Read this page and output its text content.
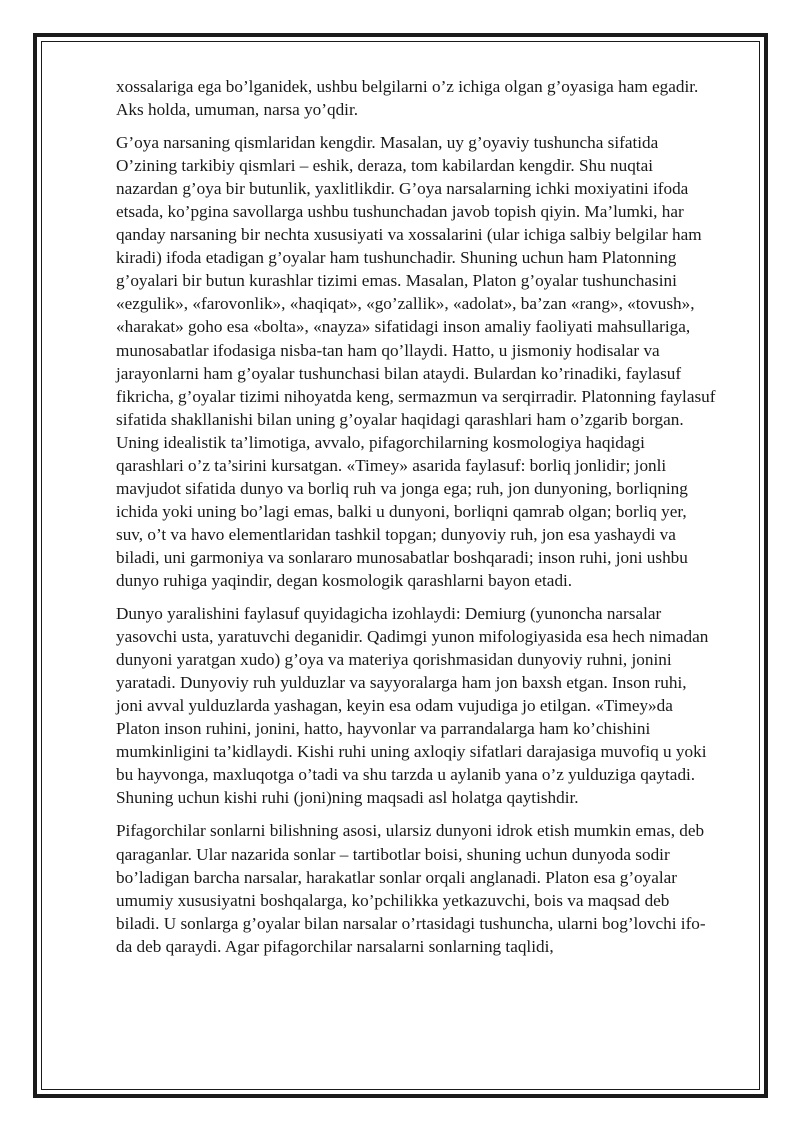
xossalariga ega bo’lganidek, ushbu belgilarni o’z ichiga olgan g’oyasiga ham egadir. Aks holda, umuman, narsa yo’qdir.

G’oya narsaning qismlaridan kengdir. Masalan, uy g’oyaviy tushuncha sifatida O’zining tarkibiy qismlari – eshik, deraza, tom kabilardan kengdir. Shu nuqtai nazardan g’oya bir butunlik, yaxlitlikdir. G’oya narsalarning ichki moxiyatini ifoda etsada, ko’pgina savollarga ushbu tushunchadan javob topish qiyin. Ma’lumki, har qanday narsaning bir nechta xususiyati va xossalarini (ular ichiga salbiy belgilar ham kiradi) ifoda etadigan g’oyalar ham tushunchadir. Shuning uchun ham Platonning g’oyalari bir butun kurashlar tizimi emas. Masalan, Platon g’oyalar tushunchasini «ezgulik», «farovonlik», «haqiqat», «go’zallik», «adolat», ba’zan «rang», «tovush», «harakat» goho esa «bolta», «nayza» sifatidagi inson amaliy faoliyati mahsullariga, munosabatlar ifodasiga nisba-tan ham qo’llaydi. Hatto, u jismoniy hodisalar va jarayonlarni ham g’oyalar tushunchasi bilan ataydi. Bulardan ko’rinadiki, faylasuf fikricha, g’oyalar tizimi nihoyatda keng, sermazmun va serqirradir. Platonning faylasuf sifatida shakllanishi bilan uning g’oyalar haqidagi qarashlari ham o’zgarib borgan. Uning idealistik ta’limotiga, avvalo, pifagorchilarning kosmologiya haqidagi qarashlari o’z ta’sirini kursatgan. «Timey» asarida faylasuf: borliq jonlidir; jonli mavjudot sifatida dunyo va borliq ruh va jonga ega; ruh, jon dunyoning, borliqning ichida yoki uning bo’lagi emas, balki u dunyoni, borliqni qamrab olgan; borliq yer, suv, o’t va havo elementlaridan tashkil topgan; dunyoviy ruh, jon esa yashaydi va biladi, uni garmoniya va sonlararo munosabatlar boshqaradi; inson ruhi, joni ushbu dunyo ruhiga yaqindir, degan kosmologik qarashlarni bayon etadi.

Dunyo yaralishini faylasuf quyidagicha izohlaydi: Demiurg (yunoncha narsalar yasovchi usta, yaratuvchi deganidir. Qadimgi yunon mifologiyasida esa hech nimadan dunyoni yaratgan xudo) g’oya va materiya qorishmasidan dunyoviy ruhni, jonini yaratadi. Dunyoviy ruh yulduzlar va sayyoralarga ham jon baxsh etgan. Inson ruhi, joni avval yulduzlarda yashagan, keyin esa odam vujudiga jo etilgan. «Timey»da Platon inson ruhini, jonini, hatto, hayvonlar va parrandalarga ham ko’chishini mumkinligini ta’kidlaydi. Kishi ruhi uning axloqiy sifatlari darajasiga muvofiq u yoki bu hayvonga, maxluqotga o’tadi va shu tarzda u aylanib yana o’z yulduziga qaytadi. Shuning uchun kishi ruhi (joni)ning maqsadi asl holatga qaytishdir.

Pifagorchilar sonlarni bilishning asosi, ularsiz dunyoni idrok etish mumkin emas, deb qaraganlar. Ular nazarida sonlar – tartibotlar boisi, shuning uchun dunyoda sodir bo’ladigan barcha narsalar, harakatlar sonlar orqali anglanadi. Platon esa g’oyalar umumiy xususiyatni boshqalarga, ko’pchilikka yetkazuvchi, bois va maqsad deb biladi. U sonlarga g’oyalar bilan narsalar o’rtasidagi tushuncha, ularni bog’lovchi ifo-da deb qaraydi. Agar pifagorchilar narsalarni sonlarning taqlidi,
